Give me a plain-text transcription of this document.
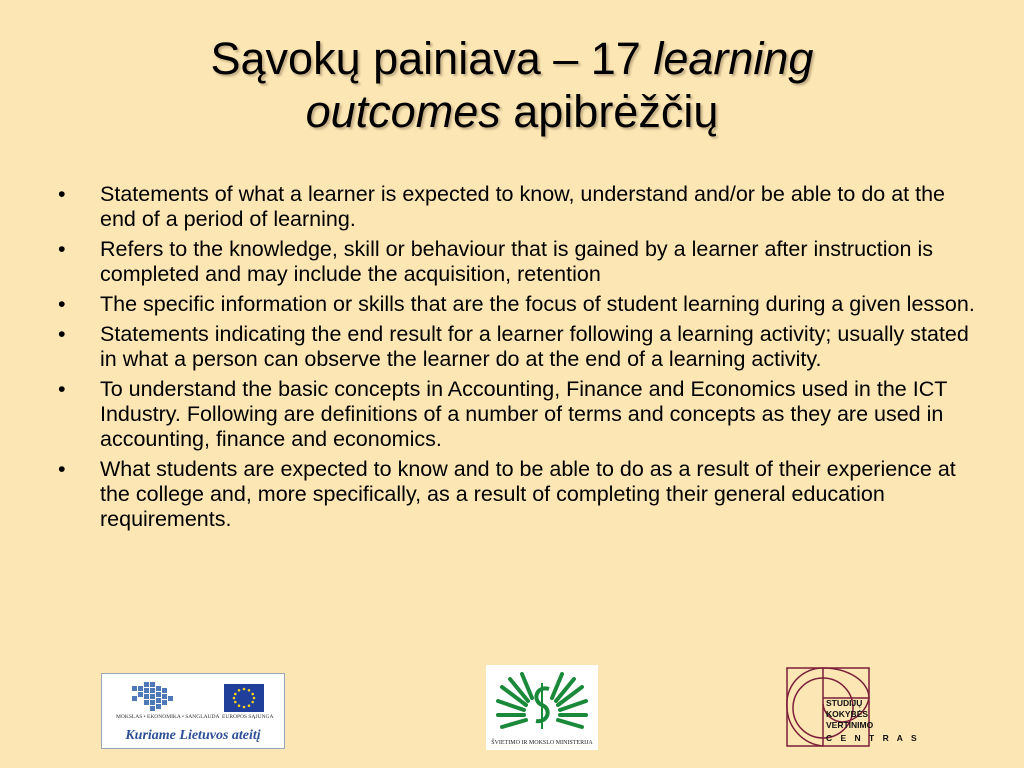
Sąvokų painiava – 17 learning
outcomes apibrėžčių
• Statements of what a learner is expected to know, understand and/or be able to do at the end of a period of learning.
• Refers to the knowledge, skill or behaviour that is gained by a learner after instruction is completed and may include the acquisition, retention
• The specific information or skills that are the focus of student learning during a given lesson.
• Statements indicating the end result for a learner following a learning activity; usually stated in what a person can observe the learner do at the end of a learning activity.
• To understand the basic concepts in Accounting, Finance and Economics used in the ICT Industry. Following are definitions of a number of terms and concepts as they are used in accounting, finance and economics.
• What students are expected to know and to be able to do as a result of their experience at the college and, more specifically, as a result of completing their general education requirements.
MOKSLAS • EKONOMIKA • SANGLAUDA EUROPOS SĄJUNGA
Kuriame Lietuvos ateitį	ŠVIETIMO IR MOKSLO MINISTERIJA
STUDIJŲ
KOKYBĖS
VERTINIMO
C E N T R A S
